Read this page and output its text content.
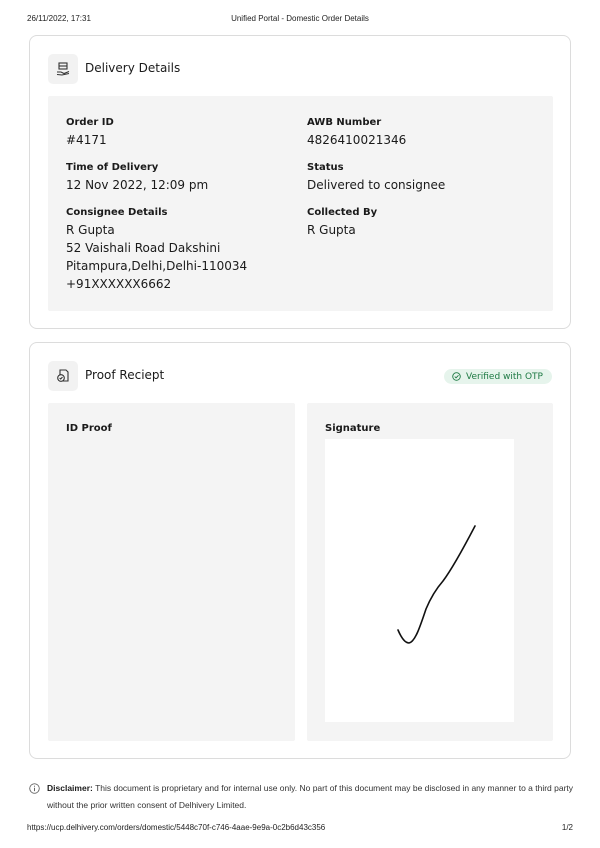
26/11/2022, 17:31	Unified Portal - Domestic Order Details
Delivery Details
Order ID
#4171
AWB Number
4826410021346
Time of Delivery
12 Nov 2022, 12:09 pm
Status
Delivered to consignee
Consignee Details
R Gupta
52 Vaishali Road Dakshini
Pitampura,Delhi,Delhi-110034
+91XXXXXX6662
Collected By
R Gupta
Proof Reciept	Verified with OTP
ID Proof	Signature
Disclaimer: This document is proprietary and for internal use only. No part of this document may be disclosed in any manner to a third party without the prior written consent of Delhivery Limited.
https://ucp.delhivery.com/orders/domestic/5448c70f-c746-4aae-9e9a-0c2b6d43c356	1/2
